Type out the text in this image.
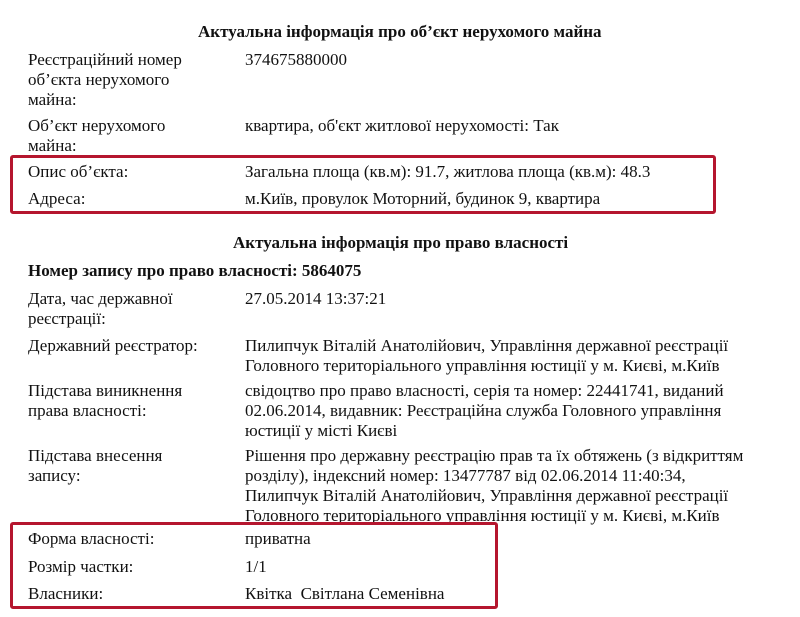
Актуальна інформація про об’єкт нерухомого майна

Реєстраційний номер
об’єкта нерухомого
майна:
374675880000
Об’єкт нерухомого
майна:
квартира, об'єкт житлової нерухомості: Так
Опис об’єкта:	Загальна площа (кв.м): 91.7, житлова площа (кв.м): 48.3
Адреса:	м.Київ, провулок Моторний, будинок 9, квартира

Актуальна інформація про право власності

Номер запису про право власності: 5864075

Дата, час державної
реєстрації:
27.05.2014 13:37:21
Державний реєстратор:	Пилипчук Віталій Анатолійович, Управління державної реєстрації
Головного територіального управління юстиції у м. Києві, м.Київ
Підстава виникнення
права власності:
свідоцтво про право власності, серія та номер: 22441741, виданий
02.06.2014, видавник: Реєстраційна служба Головного управління
юстиції у місті Києві
Підстава внесення
запису:
Рішення про державну реєстрацію прав та їх обтяжень (з відкриттям
розділу), індексний номер: 13477787 від 02.06.2014 11:40:34,
Пилипчук Віталій Анатолійович, Управління державної реєстрації
Головного територіального управління юстиції у м. Києві, м.Київ
Форма власності:	приватна
Розмір частки:	1/1
Власники:	Квітка  Світлана Семенівна
